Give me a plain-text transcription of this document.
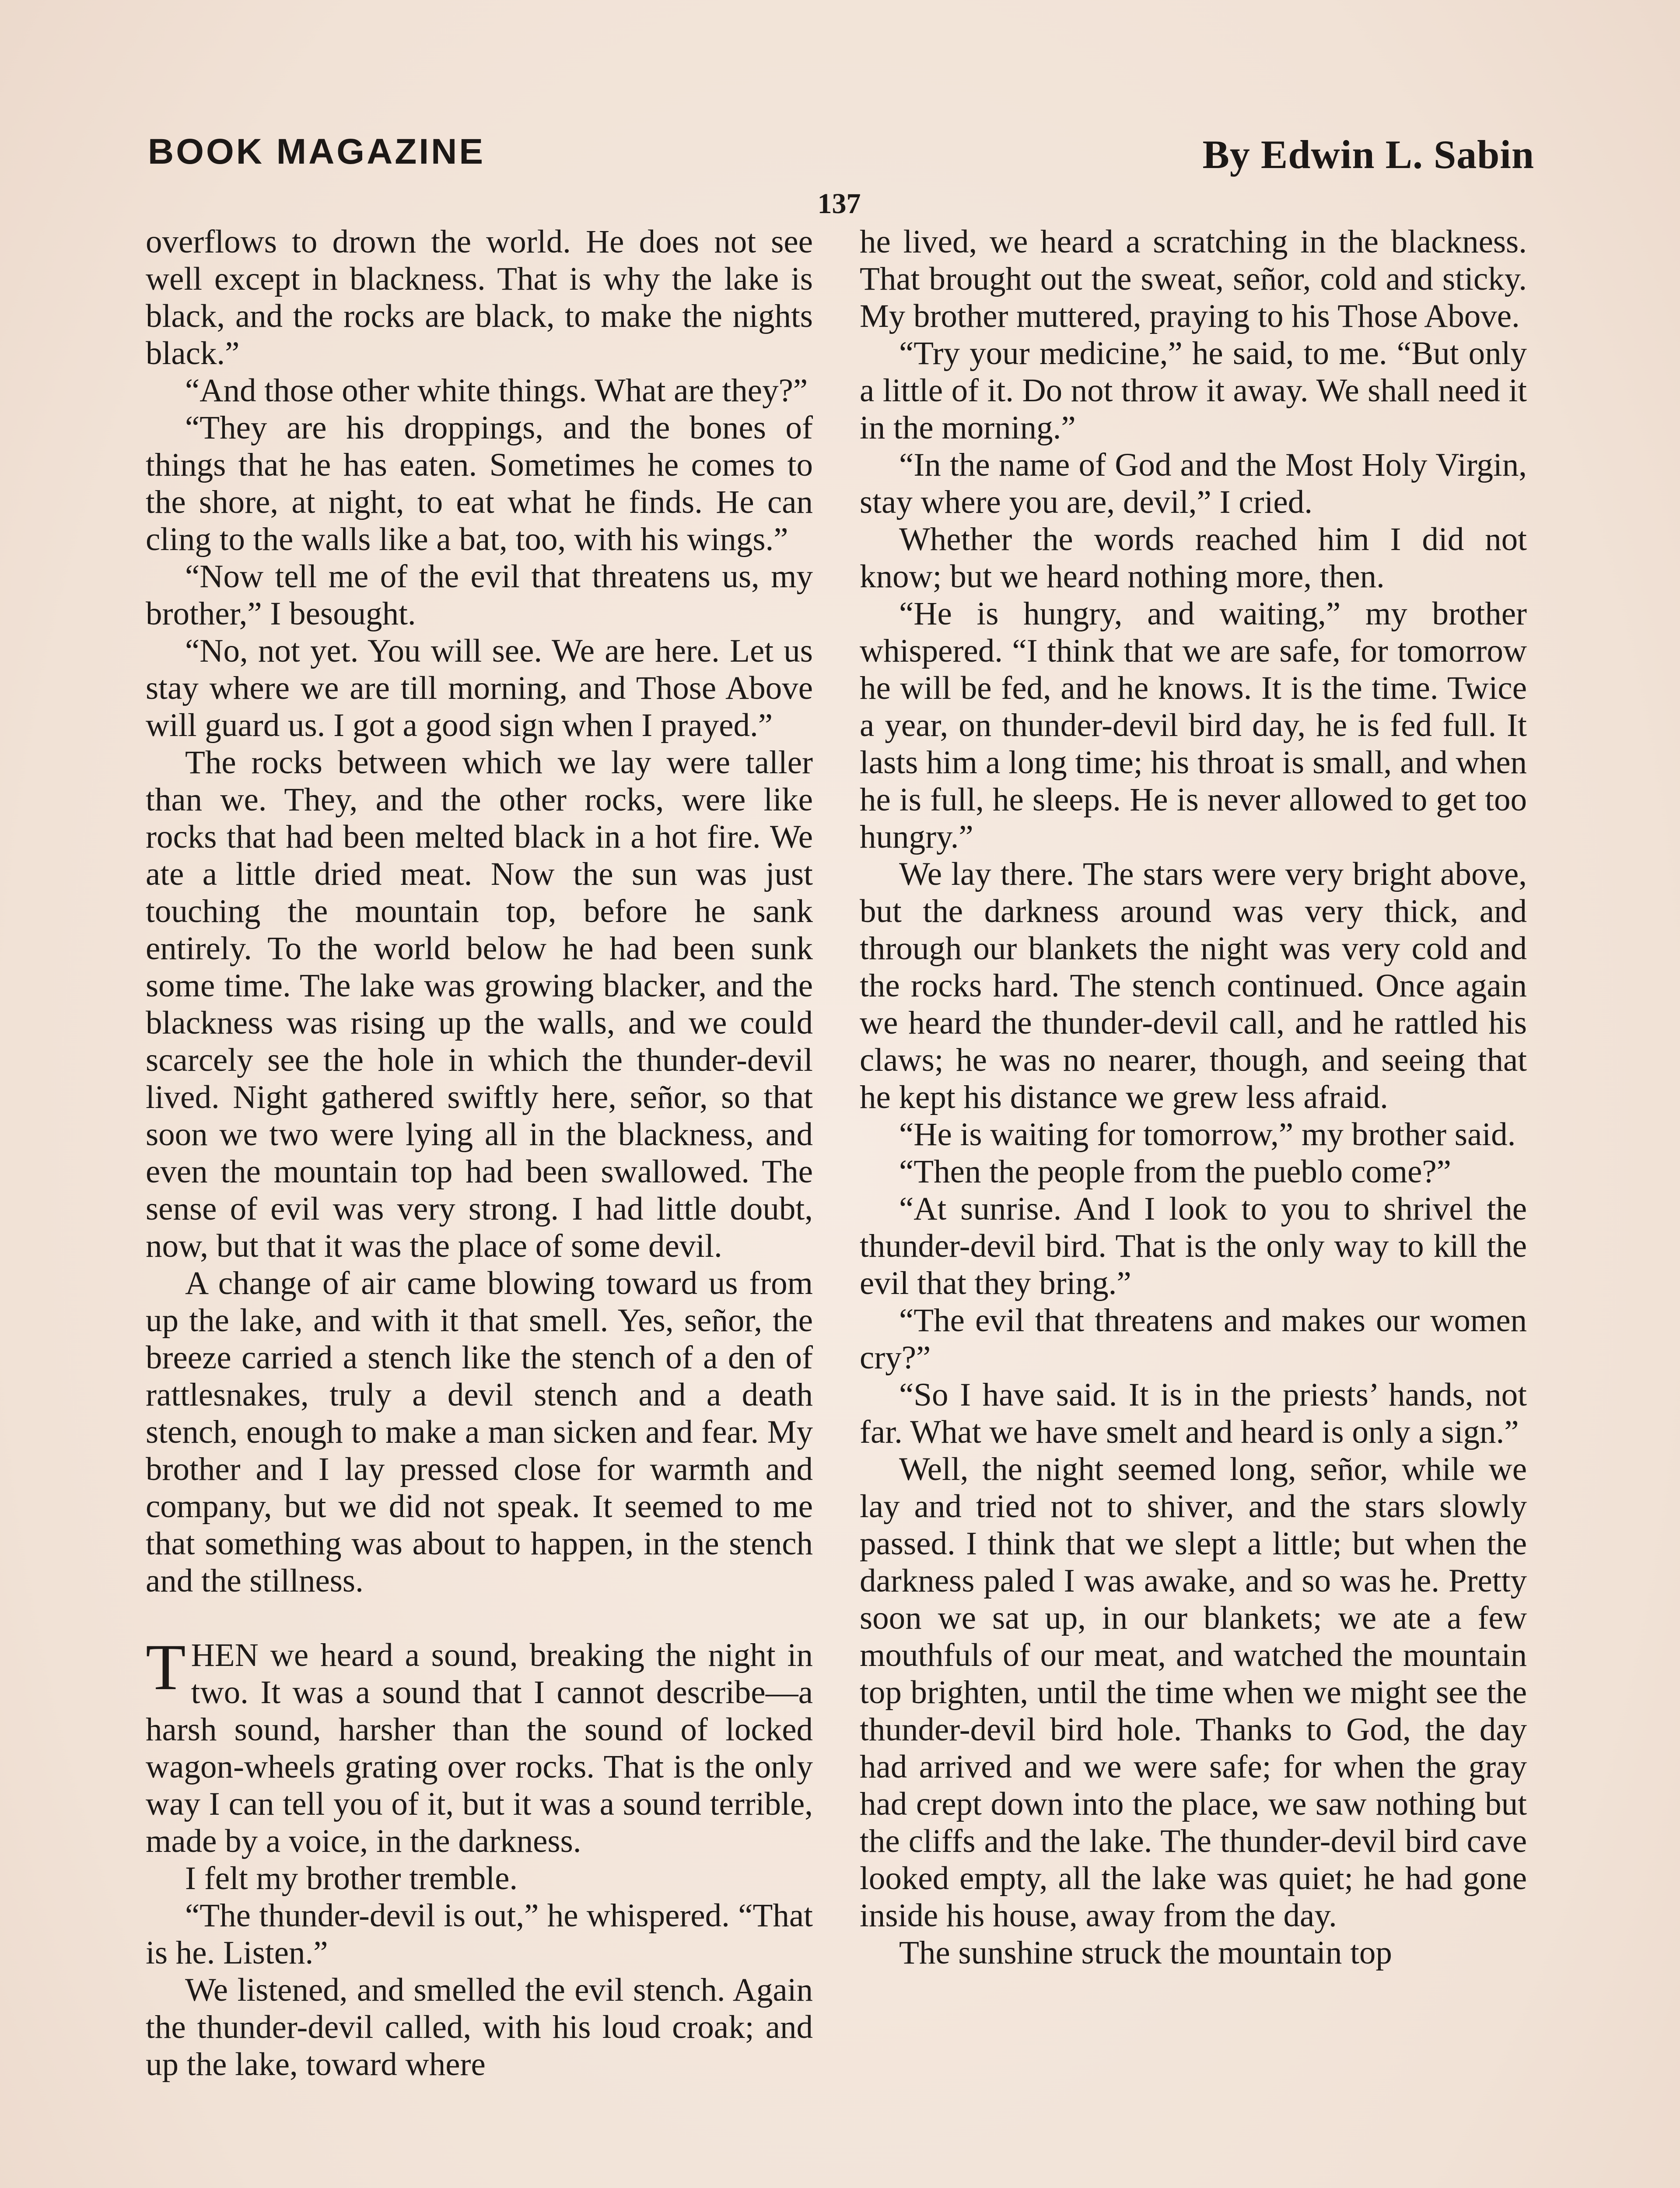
BOOK MAGAZINE	By Edwin L. Sabin
137

overflows to drown the world. He does not see well except in blackness. That is why the lake is black, and the rocks are black, to make the nights black.”

“And those other white things. What are they?”

“They are his droppings, and the bones of things that he has eaten. Sometimes he comes to the shore, at night, to eat what he finds. He can cling to the walls like a bat, too, with his wings.”

“Now tell me of the evil that threatens us, my brother,” I besought.

“No, not yet. You will see. We are here. Let us stay where we are till morning, and Those Above will guard us. I got a good sign when I prayed.”

The rocks between which we lay were taller than we. They, and the other rocks, were like rocks that had been melted black in a hot fire. We ate a little dried meat. Now the sun was just touching the mountain top, before he sank entirely. To the world below he had been sunk some time. The lake was growing blacker, and the blackness was rising up the walls, and we could scarcely see the hole in which the thunder-devil lived. Night gathered swiftly here, señor, so that soon we two were lying all in the blackness, and even the mountain top had been swallowed. The sense of evil was very strong. I had little doubt, now, but that it was the place of some devil.

A change of air came blowing toward us from up the lake, and with it that smell. Yes, señor, the breeze carried a stench like the stench of a den of rattlesnakes, truly a devil stench and a death stench, enough to make a man sicken and fear. My brother and I lay pressed close for warmth and company, but we did not speak. It seemed to me that something was about to happen, in the stench and the stillness.

THEN we heard a sound, breaking the night in two. It was a sound that I cannot describe—a harsh sound, harsher than the sound of locked wagon-wheels grating over rocks. That is the only way I can tell you of it, but it was a sound terrible, made by a voice, in the darkness.

I felt my brother tremble.

“The thunder-devil is out,” he whispered. “That is he. Listen.”

We listened, and smelled the evil stench. Again the thunder-devil called, with his loud croak; and up the lake, toward where

he lived, we heard a scratching in the blackness. That brought out the sweat, señor, cold and sticky. My brother muttered, praying to his Those Above.

“Try your medicine,” he said, to me. “But only a little of it. Do not throw it away. We shall need it in the morning.”

“In the name of God and the Most Holy Virgin, stay where you are, devil,” I cried.

Whether the words reached him I did not know; but we heard nothing more, then.

“He is hungry, and waiting,” my brother whispered. “I think that we are safe, for tomorrow he will be fed, and he knows. It is the time. Twice a year, on thunder-devil bird day, he is fed full. It lasts him a long time; his throat is small, and when he is full, he sleeps. He is never allowed to get too hungry.”

We lay there. The stars were very bright above, but the darkness around was very thick, and through our blankets the night was very cold and the rocks hard. The stench continued. Once again we heard the thunder-devil call, and he rattled his claws; he was no nearer, though, and seeing that he kept his distance we grew less afraid.

“He is waiting for tomorrow,” my brother said.

“Then the people from the pueblo come?”

“At sunrise. And I look to you to shrivel the thunder-devil bird. That is the only way to kill the evil that they bring.”

“The evil that threatens and makes our women cry?”

“So I have said. It is in the priests’ hands, not far. What we have smelt and heard is only a sign.”

Well, the night seemed long, señor, while we lay and tried not to shiver, and the stars slowly passed. I think that we slept a little; but when the darkness paled I was awake, and so was he. Pretty soon we sat up, in our blankets; we ate a few mouthfuls of our meat, and watched the mountain top brighten, until the time when we might see the thunder-devil bird hole. Thanks to God, the day had arrived and we were safe; for when the gray had crept down into the place, we saw nothing but the cliffs and the lake. The thunder-devil bird cave looked empty, all the lake was quiet; he had gone inside his house, away from the day.

The sunshine struck the mountain top
